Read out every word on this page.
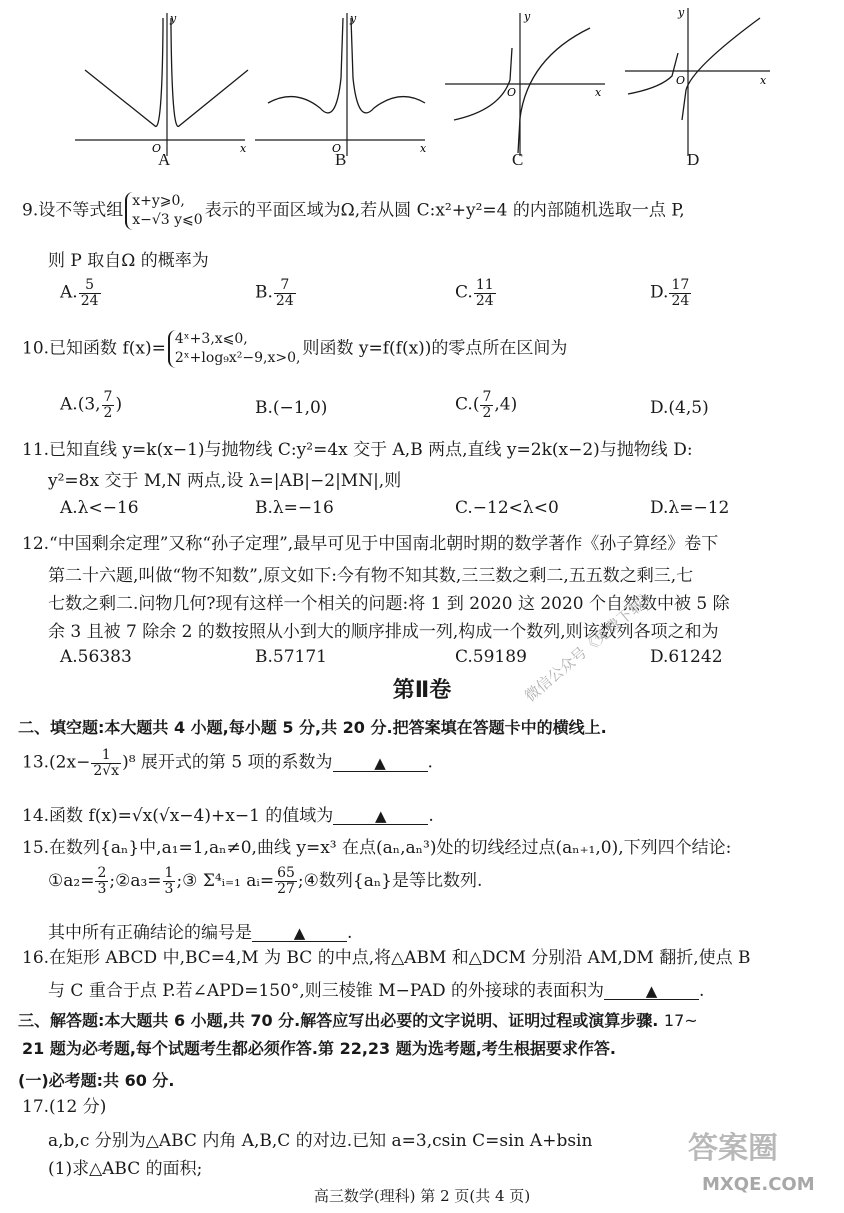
y
x
O
A
y
x
O
B
y
x
O
C
y
x
O
D
9.设不等式组 x+y⩾0,
x−√3 y⩽0 表示的平面区域为Ω,若从圆 C:x²+y²=4 的内部随机选取一点 P,
则 P 取自Ω 的概率为
A. $\frac{5}{24}$	B. $\frac{7}{24}$	C. $\frac{11}{24}$	D. $\frac{17}{24}$
10.已知函数 f(x)= 4ˣ+3,x⩽0,
2ˣ+log₉x²−9,x>0, 则函数 y=f(f(x))的零点所在区间为
A.(3, $\frac{7}{2}$ )	B.(−1,0)	$C.( \frac{7}{2} ,4)$	D.(4,5)
11.已知直线 y=k(x−1)与抛物线 C:y²=4x 交于 A,B 两点,直线 y=2k(x−2)与抛物线 D:
y²=8x 交于 M,N 两点,设 λ=|AB|−2|MN|,则
A.λ<−16	B.λ=−16	C.−12<λ<0	D.λ=−12
12.“中国剩余定理”又称“孙子定理”,最早可见于中国南北朝时期的数学著作《孙子算经》卷下
第二十六题,叫做“物不知数”,原文如下:今有物不知其数,三三数之剩二,五五数之剩三,七
七数之剩二.问物几何?现有这样一个相关的问题:将 1 到 2020 这 2020 个自然数中被 5 除
余 3 且被 7 除余 2 的数按照从小到大的顺序排成一列,构成一个数列,则该数列各项之和为
A.56383	B.57171	C.59189	D.61242
第Ⅱ卷
二、填空题:本大题共 4 小题,每小题 5 分,共 20 分.把答案填在答题卡中的横线上.
$13.(2x- \frac{1}{2√x} )^8$ 展开式的第 5 项的系数为	▲ .
14.函数 f(x)=√x(√x−4)+x−1 的值域为	▲ .
15.在数列{aₙ}中,a₁=1,aₙ≠0,曲线 y=x³ 在点(aₙ,aₙ³)处的切线经过点(aₙ₊₁,0),下列四个结论:
①a₂= $\frac{2}{3}$ ;②a₃= $\frac{1}{3}$ ;③ Σ⁴ᵢ₌₁ aᵢ= $\frac{65}{27}$ ;④数列{aₙ}是等比数列.
其中所有正确结论的编号是	▲ .
16.在矩形 ABCD 中,BC=4,M 为 BC 的中点,将△ABM 和△DCM 分别沿 AM,DM 翻折,使点 B
与 C 重合于点 P.若∠APD=150°,则三棱锥 M−PAD 的外接球的表面积为	▲ .
三、解答题:本大题共 6 小题,共 70 分.解答应写出必要的文字说明、证明过程或演算步骤. 17~
21 题为必考题,每个试题考生都必须作答.第 22,23 题为选考题,考生根据要求作答.
(一)必考题:共 60 分.
17.(12 分)
a,b,c 分别为△ABC 内角 A,B,C 的对边.已知 a=3,csin C=sin A+bsin
(1)求△ABC 的面积;
微信公众号《免费下载》
答案圈
MXQE.COM
高三数学(理科) 第 2 页(共 4 页)
